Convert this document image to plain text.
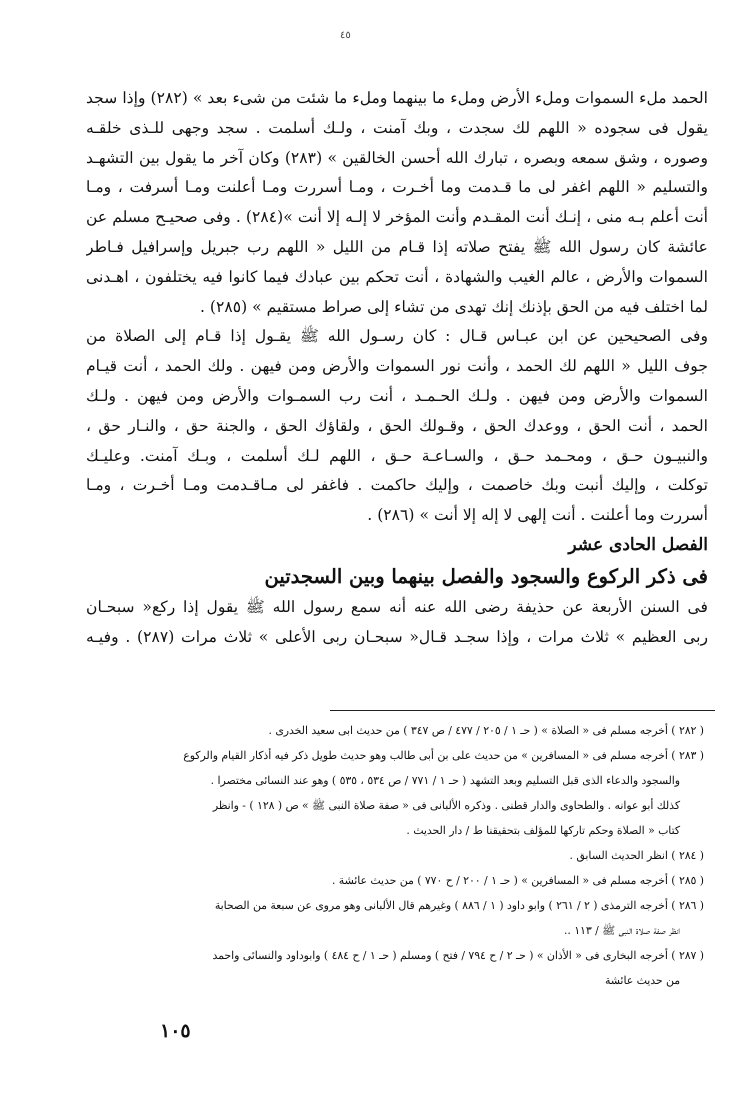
٤٥
الحمد ملء السموات وملء الأرض وملء ما بينهما وملء ما شئت من شىء بعد » (٢٨٢) وإذا سجد
يقول فى سجوده « اللهم لك سجدت ، وبك آمنت ، ولـك أسلمت . سجد وجهى للـذى خلقـه
وصوره ، وشق سمعه وبصره ، تبارك الله أحسن الخالقين » (٢٨٣) وكان آخر ما يقول بين التشهـد
والتسليم « اللهم اغفر لى ما قـدمت وما أخـرت ، ومـا أسررت ومـا أعلنت ومـا أسرفت ، ومـا
أنت أعلم بـه منى ، إنـك أنت المقـدم وأنت المؤخر لا إلـه إلا أنت »(٢٨٤) . وفى صحيـح مسلم عن
عائشة كان رسول الله ﷺ يفتح صلاته إذا قـام من الليل « اللهم رب جبريل وإسرافيل فـاطر
السموات والأرض ، عالم الغيب والشهادة ، أنت تحكم بين عبادك فيما كانوا فيه يختلفون ، اهـدنى
لما اختلف فيه من الحق بإذنك إنك تهدى من تشاء إلى صراط مستقيم » (٢٨٥) .
وفى الصحيحين عن ابن عبـاس قـال : كان رسـول الله ﷺ يقـول إذا قـام إلى الصلاة من
جوف الليل « اللهم لك الحمد ، وأنت نور السموات والأرض ومن فيهن . ولك الحمد ، أنت قيـام
السموات والأرض ومن فيهن . ولـك الحـمـد ، أنت رب السمـوات والأرض ومن فيهن . ولـك
الحمد ، أنت الحق ، ووعدك الحق ، وقـولك الحق ، ولقاؤك الحق ، والجنة حق ، والنـار حق ،
والنبيـون حـق ، ومحـمد حـق ، والسـاعـة حـق ، اللهم لـك أسلمت ، وبـك آمنت. وعليـك
توكلت ، وإليك أنبت وبك خاصمت ، وإليك حاكمت . فاغفر لى مـاقـدمت ومـا أخـرت ، ومـا
أسررت وما أعلنت . أنت إلهى لا إله إلا أنت » (٢٨٦) .
الفصل الحادى عشر
فى ذكر الركوع والسجود والفصل بينهما وبين السجدتين
فى السنن الأربعة عن حذيفة رضى الله عنه أنه سمع رسول الله ﷺ يقول إذا ركع« سبحـان
ربى العظيم » ثلاث مرات ، وإذا سجـد قـال« سبحـان ربى الأعلى » ثلاث مرات (٢٨٧) . وفيـه
( ٢٨٢ ) أخرجه مسلم فى « الصلاة » ( حـ ١ / ٢٠٥ / ٤٧٧ / ص ٣٤٧ ) من حديث ابى سعيد الخدرى .
( ٢٨٣ ) أخرجه مسلم فى « المسافرين » من حديث على بن أبى طالب وهو حديث طويل ذكر فيه أذكار القيام والركوع
والسجود والدعاء الذى قبل التسليم وبعد التشهد ( حـ ١ / ٧٧١ / ص ٥٣٤ ، ٥٣٥ ) وهو عند النسائى مختصرا .
كذلك أبو عوانه . والطحاوى والدار قطنى . وذكره الألبانى فى « صفة صلاة النبى ﷺ » ص ( ١٢٨ ) - وانظر
كتاب « الصلاة وحكم تاركها للمؤلف بتحقيقنا ط / دار الحديث .
( ٢٨٤ ) انظر الحديث السابق .
( ٢٨٥ ) أخرجه مسلم فى « المسافرين » ( حـ ١ / ٢٠٠ / ح ٧٧٠ ) من حديث عائشة .
( ٢٨٦ ) أخرجه الترمذى ( ٢ / ٢٦١ ) وابو داود ( ١ / ٨٨٦ ) وغيرهم قال الألبانى وهو مروى عن سبعة من الصحابة
انظر صفة صلاة النبى ﷺ / ١١٣ ..
( ٢٨٧ ) أخرجه البخارى فى « الأذان » ( حـ ٢ / ح ٧٩٤ / فتح ) ومسلم ( حـ ١ / ح ٤٨٤ ) وابوداود والنسائى واحمد
من حديث عائشة
١٠٥
